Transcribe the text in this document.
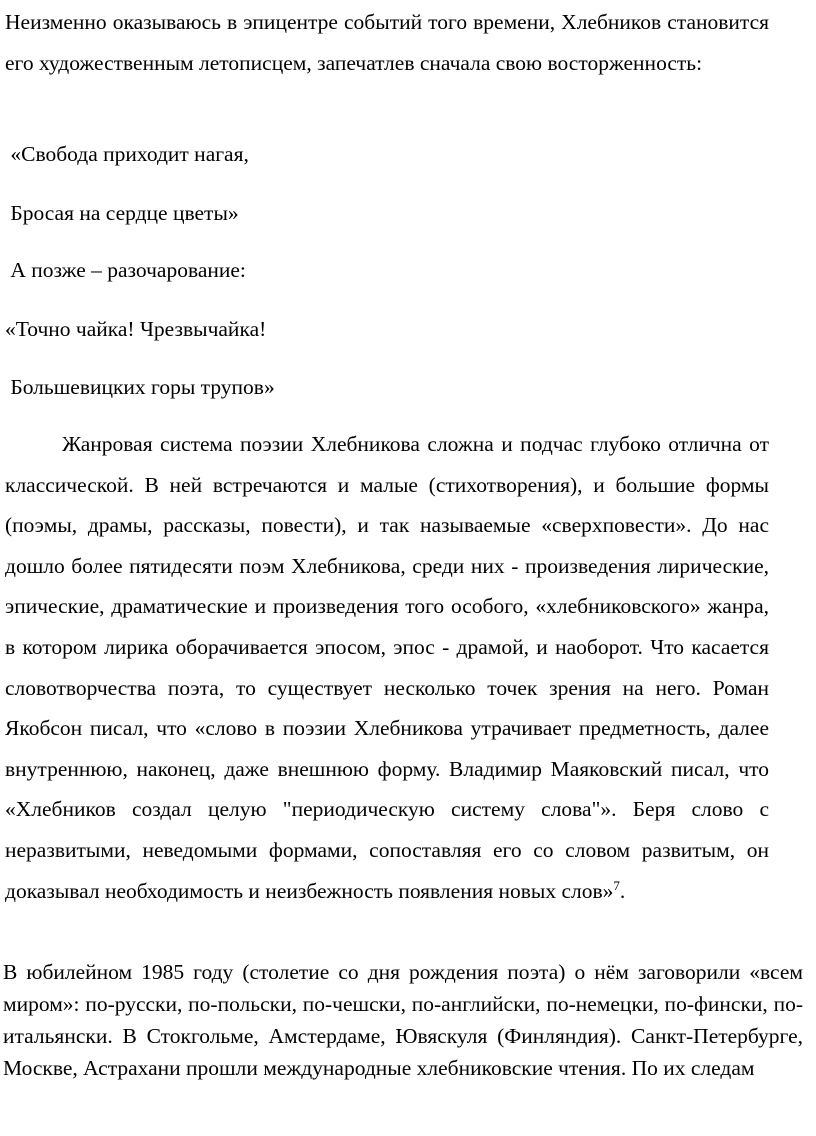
Неизменно оказываюсь в эпицентре событий того времени, Хлебников становится его художественным летописцем, запечатлев сначала свою восторженность:

«Свобода приходит нагая,
Бросая на сердце цветы»
А позже – разочарование:
«Точно чайка! Чрезвычайка!
Большевицких горы трупов»

Жанровая система поэзии Хлебникова сложна и подчас глубоко отлична от классической. В ней встречаются и малые (стихотворения), и большие формы (поэмы, драмы, рассказы, повести), и так называемые «сверхповести». До нас дошло более пятидесяти поэм Хлебникова, среди них - произведения лирические, эпические, драматические и произведения того особого, «хлебниковского» жанра, в котором лирика оборачивается эпосом, эпос - драмой, и наоборот. Что касается словотворчества поэта, то существует несколько точек зрения на него. Роман Якобсон писал, что «слово в поэзии Хлебникова утрачивает предметность, далее внутреннюю, наконец, даже внешнюю форму. Владимир Маяковский писал, что «Хлебников создал целую "периодическую систему слова"». Беря слово с неразвитыми, неведомыми формами, сопоставляя его со словом развитым, он доказывал необходимость и неизбежность появления новых слов»$^7$.

В юбилейном 1985 году (столетие со дня рождения поэта) о нём заговорили «всем миром»: по-русски, по-польски, по-чешски, по-английски, по-немецки, по-фински, по-итальянски. В Стокгольме, Амстердаме, Ювяскуля (Финляндия). Санкт-Петербурге, Москве, Астрахани прошли международные хлебниковские чтения. По их следам
